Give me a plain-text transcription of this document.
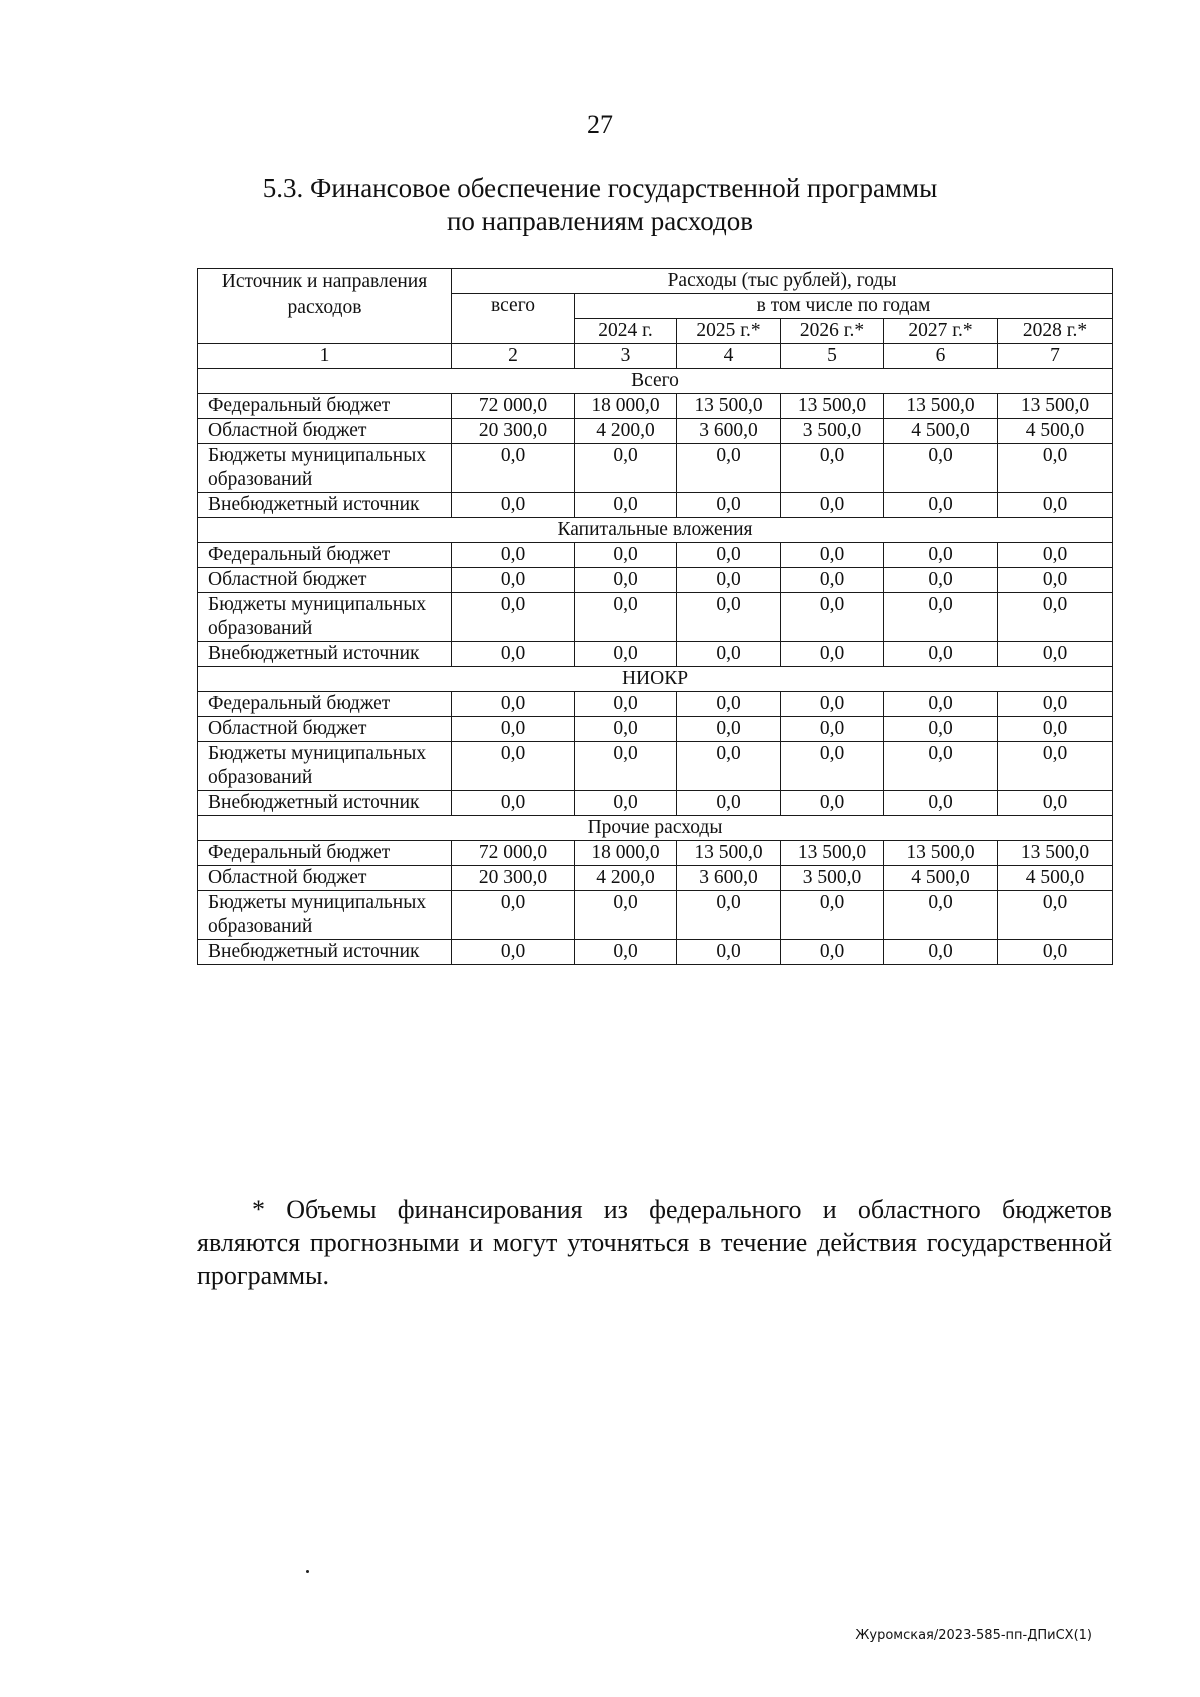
27
5.3. Финансовое обеспечение государственной программы
по направлениям расходов
Источник и направления расходов	Расходы (тыс рублей), годы					
	всего	в том числе по годам				
		2024 г.	2025 г.*	2026 г.*	2027 г.*	2028 г.*
1	2	3	4	5	6	7
Всего						
Федеральный бюджет	72 000,0	18 000,0	13 500,0	13 500,0	13 500,0	13 500,0
Областной бюджет	20 300,0	4 200,0	3 600,0	3 500,0	4 500,0	4 500,0
Бюджеты муниципальных образований	0,0	0,0	0,0	0,0	0,0	0,0
Внебюджетный источник	0,0	0,0	0,0	0,0	0,0	0,0
Капитальные вложения						
Федеральный бюджет	0,0	0,0	0,0	0,0	0,0	0,0
Областной бюджет	0,0	0,0	0,0	0,0	0,0	0,0
Бюджеты муниципальных образований	0,0	0,0	0,0	0,0	0,0	0,0
Внебюджетный источник	0,0	0,0	0,0	0,0	0,0	0,0
НИОКР						
Федеральный бюджет	0,0	0,0	0,0	0,0	0,0	0,0
Областной бюджет	0,0	0,0	0,0	0,0	0,0	0,0
Бюджеты муниципальных образований	0,0	0,0	0,0	0,0	0,0	0,0
Внебюджетный источник	0,0	0,0	0,0	0,0	0,0	0,0
Прочие расходы						
Федеральный бюджет	72 000,0	18 000,0	13 500,0	13 500,0	13 500,0	13 500,0
Областной бюджет	20 300,0	4 200,0	3 600,0	3 500,0	4 500,0	4 500,0
Бюджеты муниципальных образований	0,0	0,0	0,0	0,0	0,0	0,0
Внебюджетный источник	0,0	0,0	0,0	0,0	0,0	0,0
* Объемы финансирования из федерального и областного бюджетов являются прогнозными и могут уточняться в течение действия государственной программы.
Журомская/2023-585-пп-ДПиСХ(1)
